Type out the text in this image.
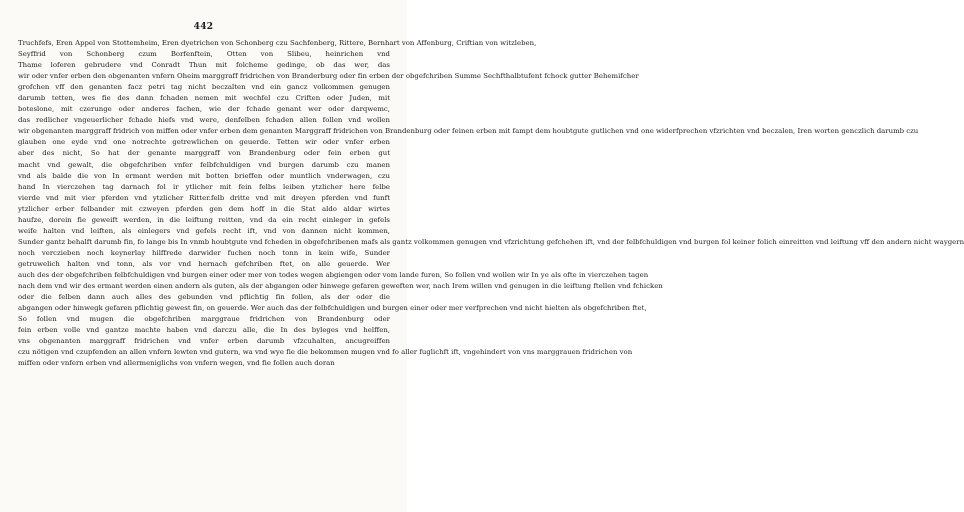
442
Truchfefs, Eren Appel von Stottemheim, Eren dyetrichen von Schonberg czu Sachfenberg, Rittere, Bernhart von Affenburg, Criftian von witzleben,
Seyffrid von Schonberg czum Borfenftein, Otten von Slibeu, heinrichen vnd
Thame loferen gebrudere vnd Conradt Thun mit folcheme gedinge, ob das wer, das
wir oder vnfer erben den obgenanten vnfern Oheim marggraff fridrichen von Branderburg oder fin erben der obgefchriben Summe Sechfthalbtufent fchock gutter Behemifcher
grofchen vff den genanten facz petri tag nicht beczalten vnd ein gancz volkommen genugen
darumb tetten, wes fie des dann fchaden nemen mit wechfel czu Criften oder Juden, mit
boteslone, mit czerunge oder anderes fachen, wie der fchade genant wer oder darqwemc,
das redlicher vngeuerlicher fchade hiefs vnd were, denfelben fchaden allen follen vnd wollen
wir obgenanten marggraff fridrich von miffen oder vnfer erben dem genanten Marggraff fridrichen von Brandenburg oder feinen erben mit fampt dem houbtgute gutlichen vnd one widerfprechen vfzrichten vnd beczalen, Iren worten genczlich darumb czu
glauben one eyde vnd one notrechte getrewlichen on geuerde. Tetten wir oder vnfer erben
aber des nicht, So hat der genante marggraff von Brandenburg oder fein erben gut
macht vnd gewalt, die obgefchriben vnfer felbfchuldigen vnd burgen darumb czu manen
vnd als balde die von In ermant werden mit botten brieffen oder muntlich vnderwagen, czu
hand In vierczehen tag darnach fol ir ytlicher mit fein felbs leiben ytzlicher here felbe
vierde vnd mit vier pferden vnd ytzlicher Ritter.felb dritte vnd mit dreyen pferden vnd funft
ytzlicher erber felbander mit czweyen pferden gen dem hoff in die Stat aldo aldar wirtes
haufze, dorein fie geweift werden, in die leiftung reitten, vnd da ein recht einleger in gefels
weife halten vnd leiften, als einlegers vnd gefels recht ift, vnd von dannen nicht kommen,
Sunder gantz behalft darumb fin, fo lange bis In vnmb houbtgute vnd fcheden in obgefchribenen mafs als gantz volkommen genugen vnd vfzrichtung gefchehen ift, vnd der felbfchuldigen vnd burgen fol keiner folich einreitten vnd leiftung vff den andern nicht waygern
noch verczieben noch keynerlay hilffrede darwider fuchen noch tonn in kein wife, Sunder
getruwelich halten vnd tonn, als vor vnd hernach gefchriben ftet, on alle geuerde. Wer
auch des der obgefchriben felbfchuldigen vnd burgen einer oder mer von todes wegen abgiengen oder vom lande furen, So follen vnd wollen wir In ye als ofte in vierczehen tagen
nach dem vnd wir des ermant werden einen andern als guten, als der abgangen oder hinwege gefaren geweften wer, nach Irem willen vnd genugen in die leiftung ftellen vnd fchicken
oder die felben dann auch alles des gebunden vnd pflichtig fin follen, als der oder die
abgangen oder hinwegk gefaren pflichtig gewest fin, on geuerde. Wer auch das der felbfchuldigen und burgen einer oder mer verfprechen vnd nicht hielten als obgefchriben ftet,
So follen vnd mugen die obgefchriben marggraue fridrichen von Brandenburg oder
fein erben volle vnd gantze machte haben vnd darczu alle, die In des byleges vnd helffen,
vns obgenanten marggraff fridrichen vnd vnfer erben darumb vfzcuhalten, ancugreiffen
czu nötigen vnd czupfenden an allen vnfern lewten vnd gutern, wa vnd wye fie die bekommen mugen vnd fo aller fuglichft ift, vngehindert von vns marggrauen fridrichen von
miffen oder vnfern erben vnd allermeniglichs von vnfern wegen, vnd fie follen auch doran
